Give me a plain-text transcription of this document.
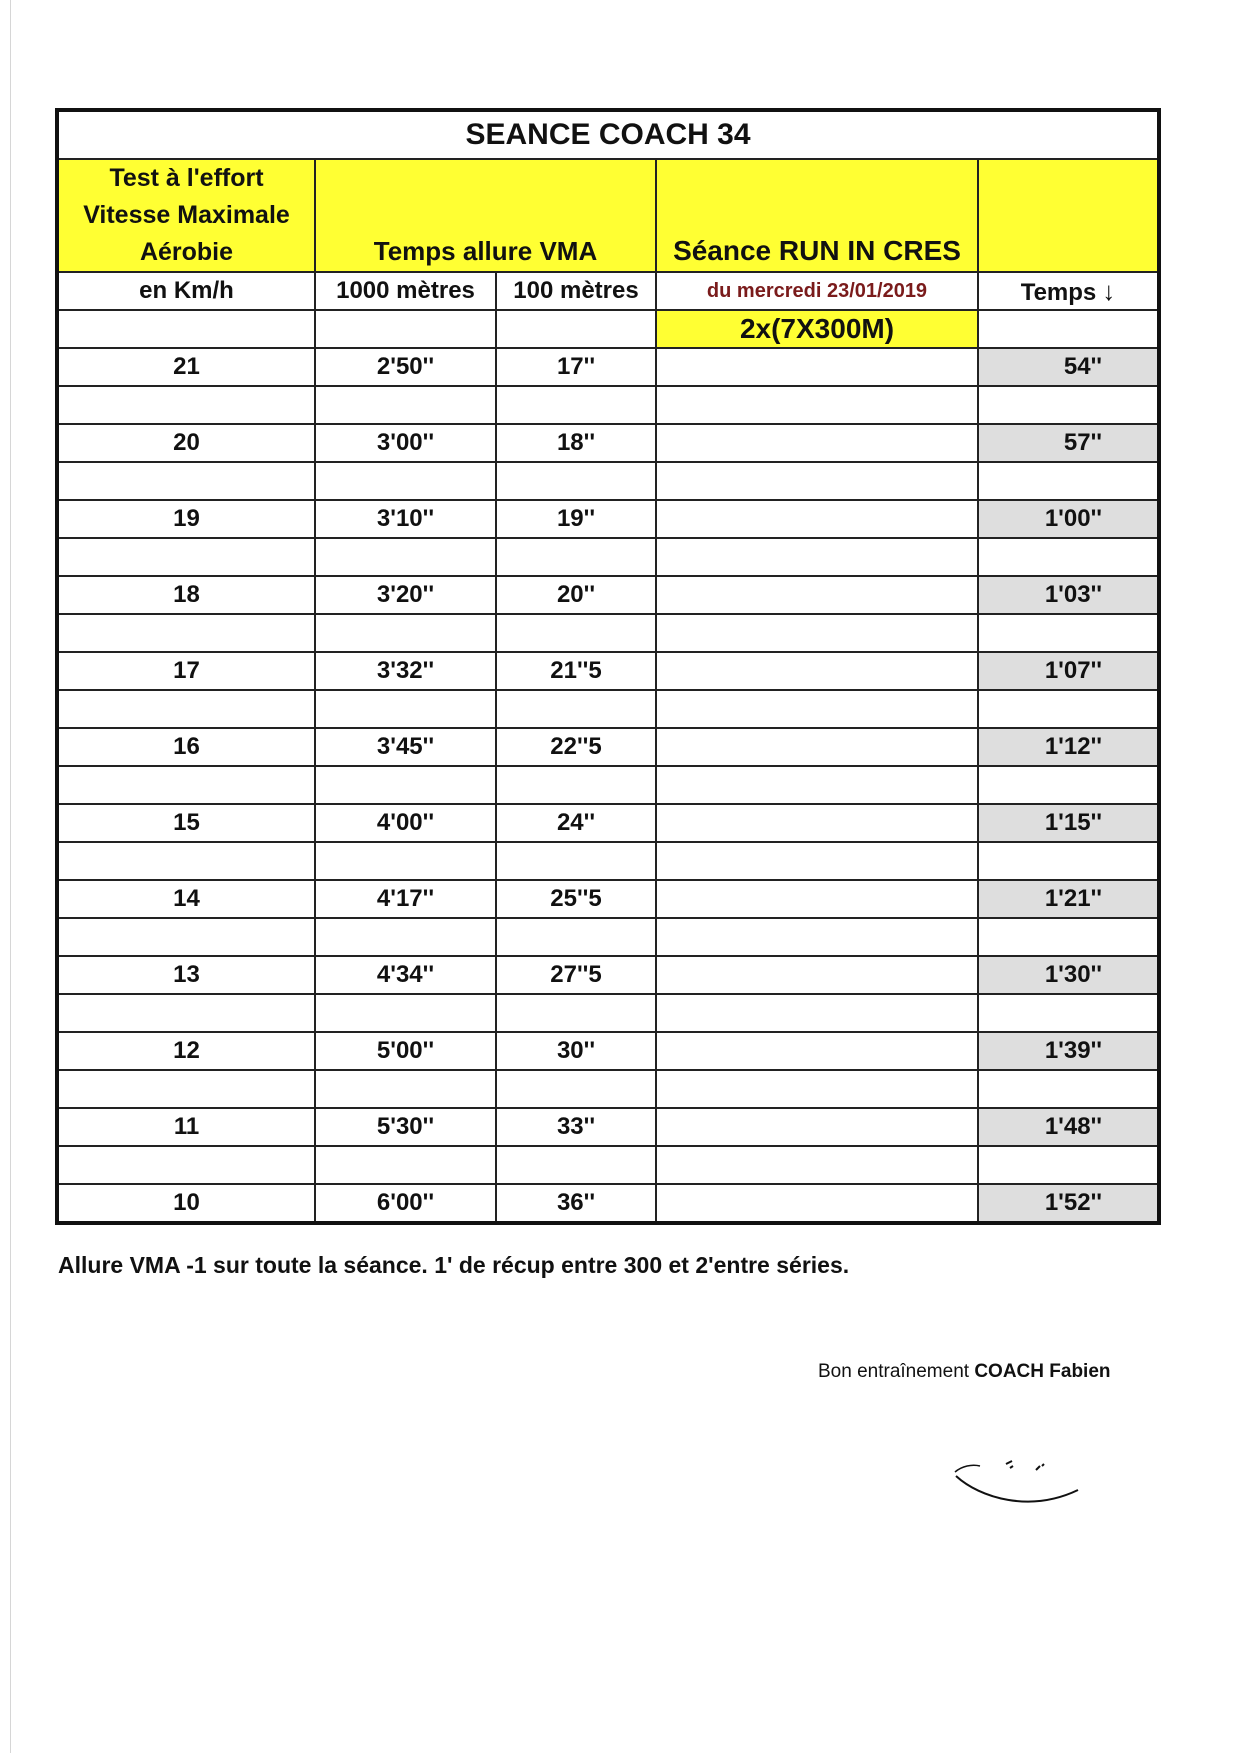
SEANCE COACH 34				

Test à l'effort
Vitesse Maximale
Aérobie	Temps allure VMA		Séance RUN IN CRES	
en Km/h	1000 mètres	100 mètres	du mercredi 23/01/2019	Temps ↓
			2x(7X300M)	
21	2'50''	17''		54''

20	3'00''	18''		57''

19	3'10''	19''		1'00''

18	3'20''	20''		1'03''

17	3'32''	21''5		1'07''

16	3'45''	22''5		1'12''

15	4'00''	24''		1'15''

14	4'17''	25''5		1'21''

13	4'34''	27''5		1'30''

12	5'00''	30''		1'39''

11	5'30''	33''		1'48''

10	6'00''	36''		1'52''
Allure VMA -1 sur toute la séance. 1' de récup entre 300 et 2'entre séries.
Bon entraînement COACH Fabien
